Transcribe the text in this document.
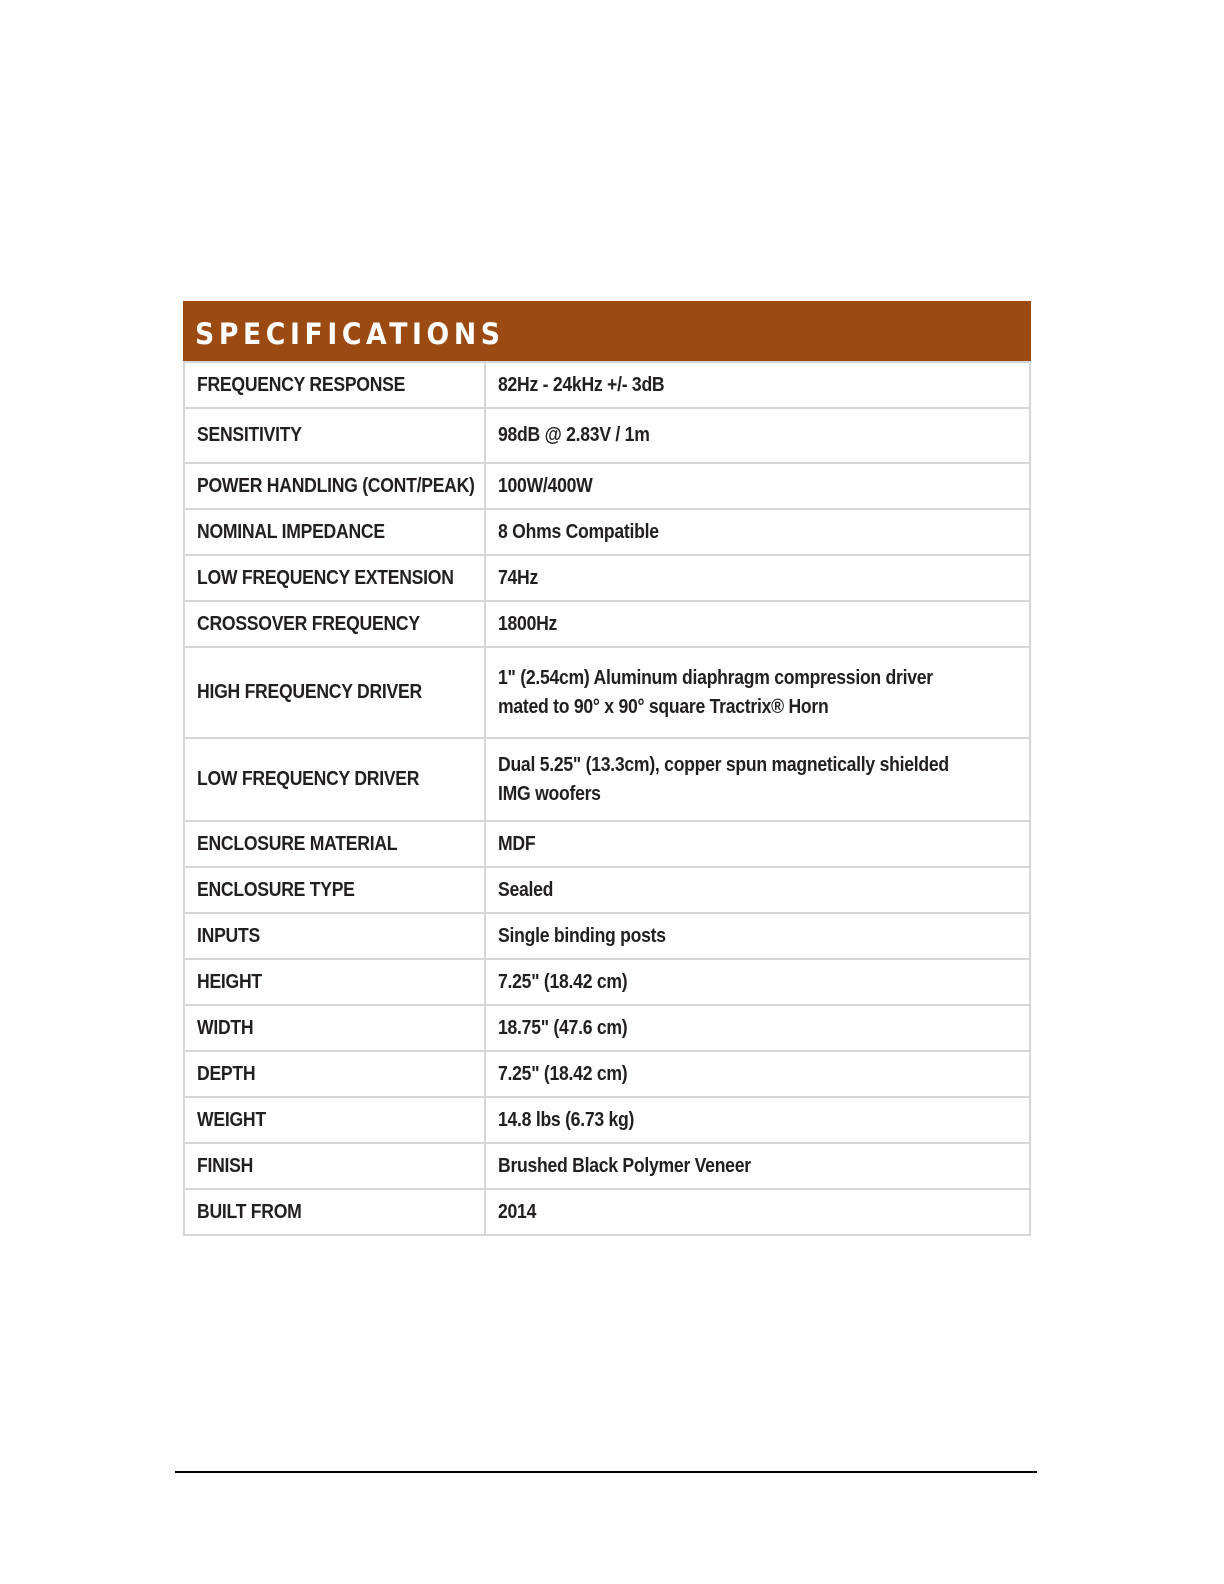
SPECIFICATIONS
FREQUENCY RESPONSE	82Hz - 24kHz +/- 3dB
SENSITIVITY	98dB @ 2.83V / 1m
POWER HANDLING (CONT/PEAK)	100W/400W
NOMINAL IMPEDANCE	8 Ohms Compatible
LOW FREQUENCY EXTENSION	74Hz
CROSSOVER FREQUENCY	1800Hz
HIGH FREQUENCY DRIVER	1" (2.54cm) Aluminum diaphragm compression driver
mated to 90° x 90° square Tractrix® Horn
LOW FREQUENCY DRIVER	Dual 5.25" (13.3cm), copper spun magnetically shielded
IMG woofers
ENCLOSURE MATERIAL	MDF
ENCLOSURE TYPE	Sealed
INPUTS	Single binding posts
HEIGHT	7.25" (18.42 cm)
WIDTH	18.75" (47.6 cm)
DEPTH	7.25" (18.42 cm)
WEIGHT	14.8 lbs (6.73 kg)
FINISH	Brushed Black Polymer Veneer
BUILT FROM	2014
